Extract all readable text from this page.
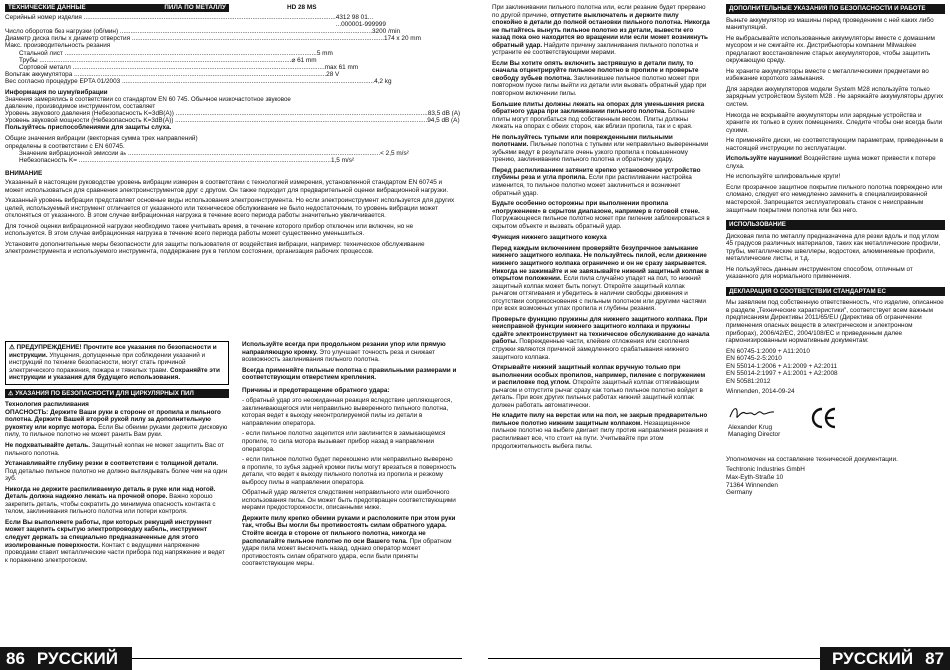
ТЕХНИЧЕСКИЕ ДАННЫЕ	ПИЛА ПО МЕТАЛЛУ	HD 28 MS
Серийный номер изделия .............................................................................................................................................. 4312 98 01...
...000001-999999
Число оборотов без нагрузки (об/мин) .............................................................................................................................................. 3200 /min
Диаметр диска пилы x диаметр отверстия .............................................................................................................................................. 174 x 20 mm
Макс. производительность резания
Стальной лист .............................................................................................................................................. 5 mm
Трубы .............................................................................................................................................. ⌀ 61 mm
Сортовой металл .............................................................................................................................................. max 61 mm
Вольтаж аккумулятора .............................................................................................................................................. 28 V
Вес согласно процедуре EPTA 01/2003 .............................................................................................................................................. 4,2 kg
Информация по шуму/вибрации
Значения замерялись в соответствии со стандартом EN 60 745. Обычное низкочастотное звуковое давление, производимое инструментом, составляет
Уровень звукового давления (Небезопасность K=3dB(A)) .............................................................................................................................................. 83,5 dB (A)
Уровень звуковой мощности (Небезопасность K=3dB(A)) .............................................................................................................................................. 94,5 dB (A)
Пользуйтесь приспособлениями для защиты слуха.
Общие значения вибрации (векторная сумма трех направлений) определены в соответствии с EN 60745.
Значение вибрационной эмиссии aₕ .............................................................................................................................................. < 2,5 m/s²
Небезопасность K= .............................................................................................................................................. 1,5 m/s²
ВНИМАНИЕ

Указанный в настоящем руководстве уровень вибрации измерен в соответствии с технологией измерения, установленной стандартом EN 60745 и может использоваться для сравнения электроинструментов друг с другом. Он также подходит для предварительной оценки вибрационной нагрузки.

Указанный уровень вибрации представляет основные виды использования электроинструмента. Но если электроинструмент используется для других целей, используемый инструмент отличается от указанного или техническое обслуживание не было недостаточным, то уровень вибрации может отклоняться от указанного. В этом случае вибрационная нагрузка в течение всего периода работы значительно увеличивается.

Для точной оценки вибрационной нагрузки необходимо также учитывать время, в течение которого прибор отключен или включен, но не используется. В этом случае вибрационная нагрузка в течение всего периода работы может существенно уменьшиться.

Установите дополнительные меры безопасности для защиты пользователя от воздействия вибрации, например: техническое обслуживание электроинструмента и используемого инструмента, поддержание рук в теплом состоянии, организация рабочих процессов.

⚠ ПРЕДУПРЕЖДЕНИЕ! Прочтите все указания по безопасности и инструкции. Упущения, допущенные при соблюдении указаний и инструкций по технике безопасности, могут стать причиной электрического поражения, пожара и тяжелых травм. Сохраняйте эти инструкции и указания для будущего использования.
⚠ УКАЗАНИЯ ПО БЕЗОПАСНОСТИ ДЛЯ ЦИРКУЛЯРНЫХ ПИЛ
Технология распиливания

ОПАСНОСТЬ: Держите Ваши руки в стороне от пропила и пильного полотна. Держите Вашей второй рукой пилу за дополнительную рукоятку или корпус мотора. Если Вы обеими руками держите дисковую пилу, то пильное полотно не может ранить Вам руки.

Не подхватывайте деталь. Защитный колпак не может защитить Вас от пильного полотна.

Устанавливайте глубину резки в соответствии с толщиной детали. Под деталью пильное полотно не должно выглядывать более чем на один зуб.

Никогда не держите распиливаемую деталь в руке или над ногой. Деталь должна надежно лежать на прочной опоре. Важно хорошо закрепить деталь, чтобы сократить до минимума опасность контакта с телом, заклинивания пильного полотна или потери контроля.

Если Вы выполняете работы, при которых режущий инструмент может зацепить скрытую электропроводку кабель, инструмент следует держать за специально предназначенные для этого изолированные поверхности. Контакт с ведущими напряжение проводами ставит металлические части прибора под напряжение и ведет к поражению электротоком.

Используйте всегда при продольном резании упор или прямую направляющую кромку. Это улучшает точность реза и снижает возможность заклинивания пильного полотна.

Всегда применяйте пильные полотна с правильными размерами и соответствующим отверстием крепления.

Причины и предотвращение обратного удара:

- обратный удар это неожиданная реакция вследствие цепляющегося, заклинивающегося или неправильно выверенного пильного полотна, которая ведет к выходу неконтролируемой пилы из детали в направлении оператора.

- если пильное полотно зацепится или заклинится в замыкающемся пропиле, то сила мотора вызывает прибор назад в направлении оператора.

- если пильное полотно будет перекошено или неправильно выверено в пропиле, то зубья задней кромки пилы могут врезаться в поверхность детали, что ведет к выходу пильного полотна из пропила и резкому выбросу пилы в направлении оператора.

Обратный удар является следствием неправильного или ошибочного использования пилы. Он может быть предотвращен соответствующими мерами предосторожности, описанными ниже.

Держите пилу крепко обеими руками и расположите при этом руки так, чтобы Вы могли бы противостоять силам обратного удара. Стойте всегда в стороне от пильного полотна, никогда не располагайте пильное полотно по оси Вашего тела. При обратном ударе пила может выскочить назад, однако оператор может противостоять силам обратного удара, если были приняты соответствующие меры.

86 РУССКИЙ

При заклинивании пильного полотна или, если резание будет прервано по другой причине, отпустите выключатель и держите пилу спокойно в детали до полной остановки пильного полотна. Никогда не пытайтесь вынуть пильное полотно из детали, вывести его назад пока оно находится во вращении или если может возникнуть обратный удар. Найдите причину заклинивания пильного полотна и устраните ее соответствующими мерами.

Если Вы хотите опять включить застрявшую в детали пилу, то сначала отцентрируйте пильное полотно в пропиле и проверьте свободу зубьев полотна. Заклинившее пильное полотно может при повторном пуске пилы выйти из детали или вызвать обратный удар при повторном включении пилы.

Большие плиты должны лежать на опорах для уменьшения риска обратного удара при заклинивании пильного полотна. Большие плиты могут прогибаться под собственным весом. Плиты должны лежать на опорах с обеих сторон, как вблизи пропила, так и с края.

Не пользуйтесь тупыми или поврежденными пильными полотнами. Пильные полотна с тупыми или неправильно выверенными зубьями ведут в результате очень узкого пропила к повышенному трению, заклиниванию пильного полотна и обратному удару.

Перед распиливанием затяните крепко установочное устройство глубины реза и угла пропила. Если при распиливании настройка изменится, то пильное полотно может заклиниться и возникнет обратный удар.

Будьте особенно осторожны при выполнении пропила «погружением» в скрытом диапазоне, например в готовой стене. Погружающееся пильное полотно может при пилении заблокироваться в скрытом объекте и вызвать обратный удар.

Функция нижнего защитного кожуха

Перед каждым включением проверяйте безупречное замыкание нижнего защитного колпака. Не пользуйтесь пилой, если движение нижнего защитного колпака ограничено и он не сразу закрывается. Никогда не зажимайте и не завязывайте нижний защитный колпак в открытом положении. Если пила случайно упадет на пол, то нижний защитный колпак может быть погнут. Откройте защитный колпак рычагом оттягивания и убедитесь в наличии свободы движения и отсутствии соприкосновения с пильным полотном или другими частями при всех возможных углах пропила и глубины резания.

Проверьте функцию пружины для нижнего защитного колпака. При неисправной функции нижнего защитного колпака и пружины сдайте электроинструмент на техническое обслуживание до начала работы. Поврежденные части, клейкие отложения или скопления стружки являются причиной замедленного срабатывания нижнего защитного колпака.

Открывайте нижний защитный колпак вручную только при выполнении особых пропилов, например, пиление с погружением и распиловке под углом. Откройте защитный колпак оттягивающим рычагом и отпустите рычаг сразу как только пильное полотно войдет в деталь. При всех других пильных работах нижний защитный колпак должен работать автоматически.

Не кладите пилу на верстак или на пол, не закрыв предварительно пильное полотно нижним защитным колпаком. Незащищенное пильное полотно на выбеге двигает пилу против направления резания и распиливает все, что стоит на пути. Учитывайте при этом продолжительность выбега пилы.

ДОПОЛНИТЕЛЬНЫЕ УКАЗАНИЯ ПО БЕЗОПАСНОСТИ И РАБОТЕ

Выньте аккумулятор из машины перед проведением с ней каких либо манипуляций.

Не выбрасывайте использованные аккумуляторы вместе с домашним мусором и не сжигайте их. Дистрибьюторы компании Milwaukee предлагают восстановление старых аккумуляторов, чтобы защитить окружающую среду.

Не храните аккумуляторы вместе с металлическими предметами во избежание короткого замыкания.

Для зарядки аккумуляторов модели System M28 используйте только зарядным устройством System M28 . Не заряжайте аккумуляторы других систем.

Никогда не вскрывайте аккумуляторы или зарядные устройства и храните их только в сухих помещениях. Следите чтобы они всегда были сухими.

Не применяйте диски, не соответствующим параметрам, приведенным в настоящей инструкции по эксплуатации.

Используйте наушники! Воздействие шума может привести к потере слуха.

Не используйте шлифовальные круги!

Если прозрачное защитное покрытие пильного полотна повреждено или сломано, следует его немедленно заменить в специализированной мастерской. Запрещается эксплуатировать станок с неисправным защитным покрытием полотна или без него.

ИСПОЛЬЗОВАНИЕ

Дисковая пила по металлу предназначена для резки вдоль и под углом 45 градусов различных материалов, таких как металлические профили, трубы, металлические швеллеры, водостоки, алюминиевые профили, металлические листы, и т.д.

Не пользуйтесь данным инструментом способом, отличным от указанного для нормального применения.

ДЕКЛАРАЦИЯ О СООТВЕТСТВИИ СТАНДАРТАМ ЕС

Мы заявляем под собственную ответственность, что изделие, описанное в разделе „Технические характеристики", соответствует всем важным предписаниям Директивы 2011/65/EU (Директива об ограничении применения опасных веществ в электрическом и электронном приборах), 2006/42/EC, 2004/108/EC и приведенным далее гармонизированным нормативным документам:

EN 60745-1:2009 + A11:2010
EN 60745-2-5:2010
EN 55014-1:2006 + A1:2009 + A2:2011
EN 55014-2:1997 + A1:2001 + A2:2008
EN 50581:2012
Winnenden, 2014-09-24
Alexander Krug
Managing Director

Уполномочен на составление технической документации.

Techtronic Industries GmbH
Max-Eyth-Straße 10
71364 Winnenden
Germany
РУССКИЙ 87
